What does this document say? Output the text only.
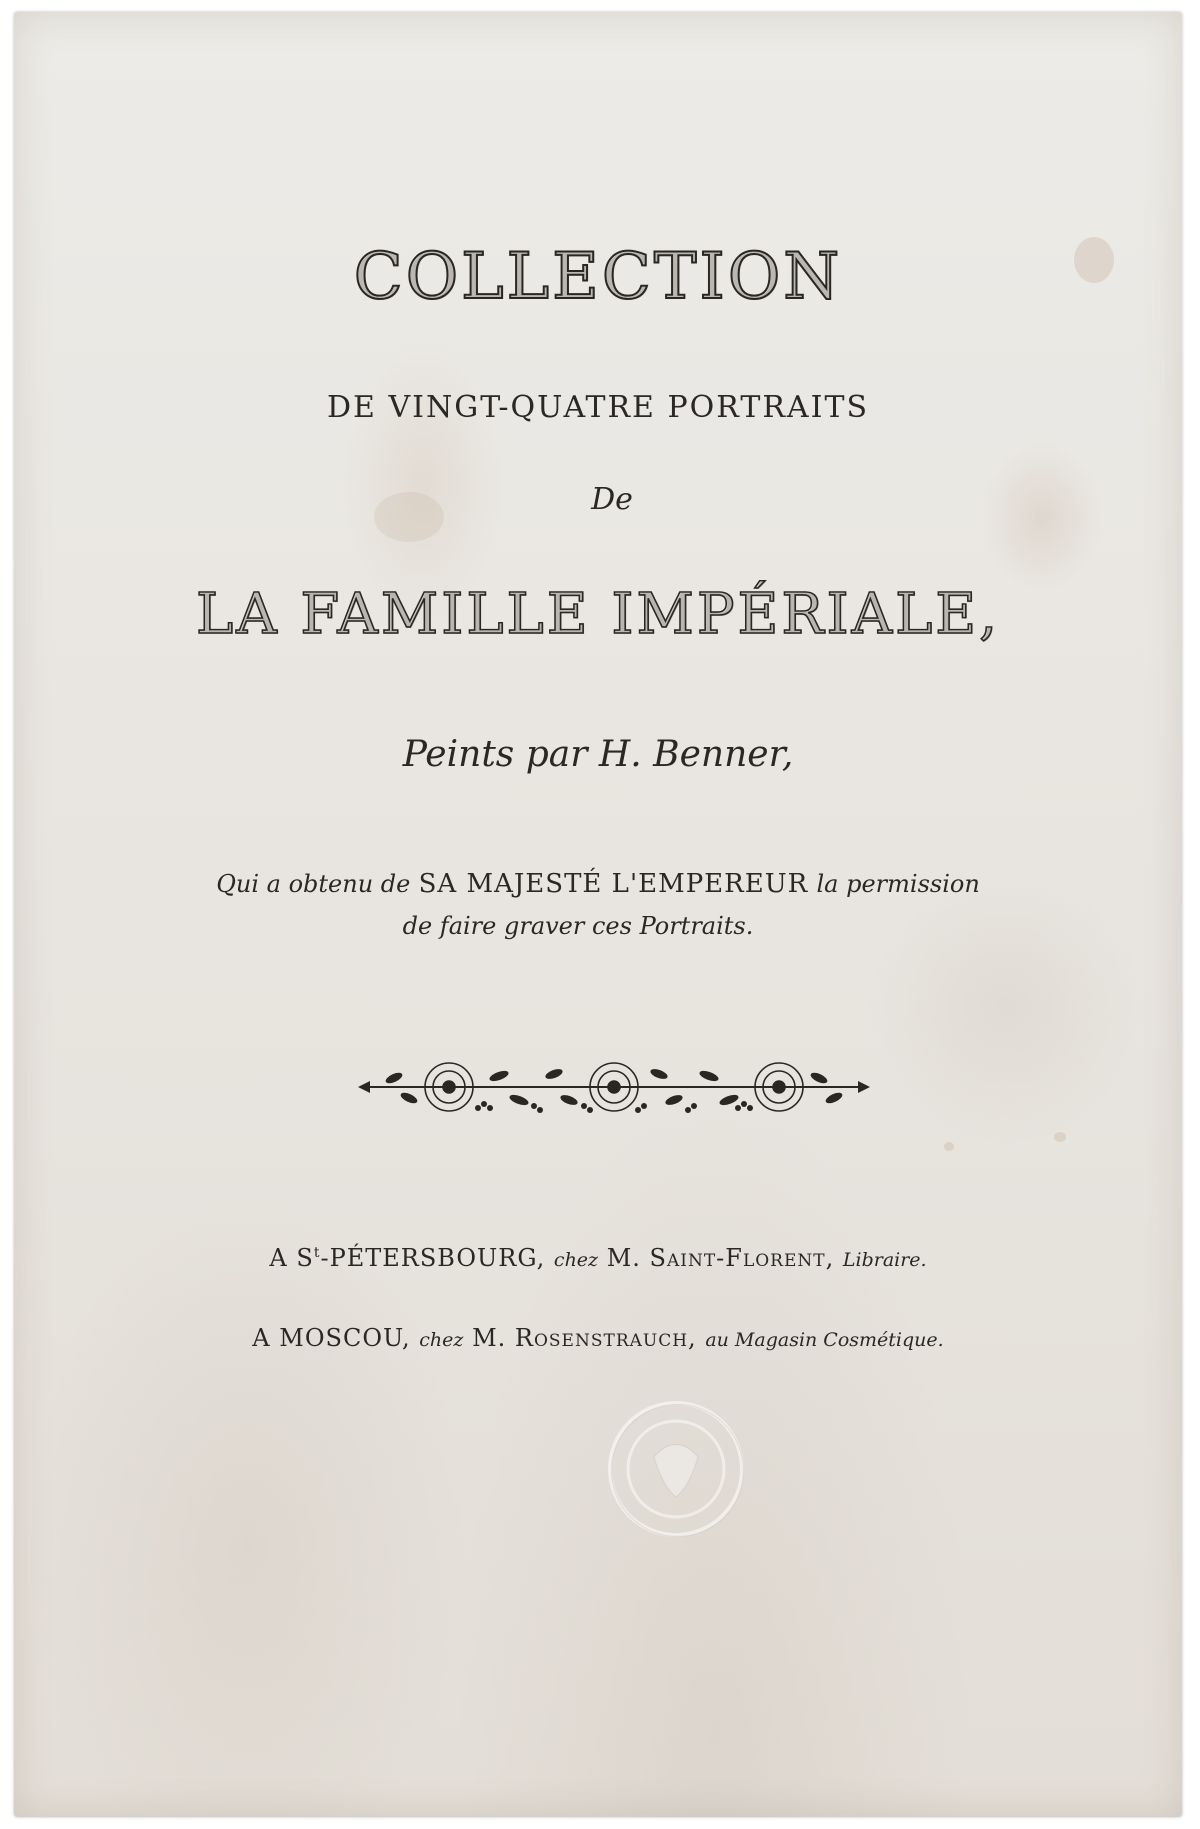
COLLECTION
DE VINGT-QUATRE PORTRAITS
De
LA FAMILLE IMPÉRIALE,
Peints par H. Benner,
Qui a obtenu de SA MAJESTÉ L'EMPEREUR la permission
de faire graver ces Portraits.
A $S^t$-PÉTERSBOURG, chez M. Saint-Florent, Libraire.
A MOSCOU, chez M. Rosenstrauch, au Magasin Cosmétique.
